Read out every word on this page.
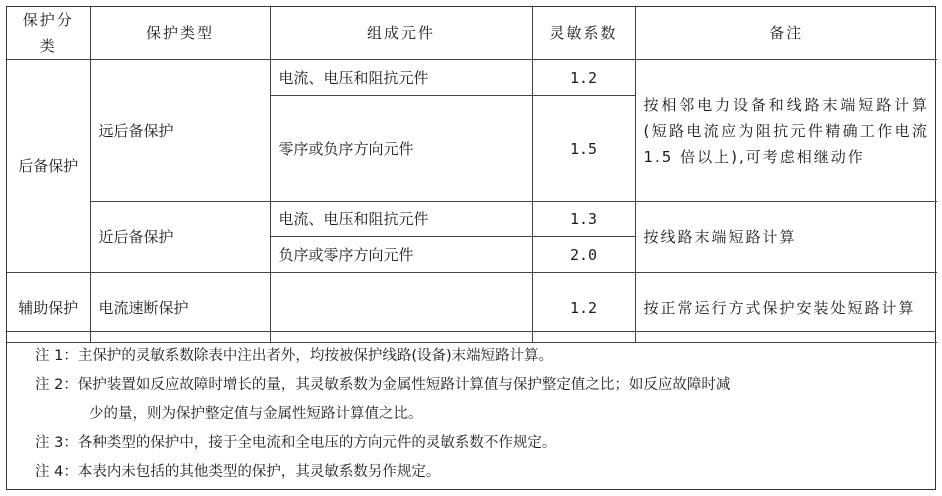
保护分类	保护类型	组成元件	灵敏系数	备注
后备保护	远后备保护	电流、电压和阻抗元件	1.2	按相邻电力设备和线路末端短路计算(短路电流应为阻抗元件精确工作电流 1.5 倍以上),可考虑相继动作
		零序或负序方向元件	1.5	
	近后备保护	电流、电压和阻抗元件	1.3	按线路末端短路计算
		负序或零序方向元件	2.0	
辅助保护	电流速断保护		1.2	按正常运行方式保护安装处短路计算
注 1：主保护的灵敏系数除表中注出者外，均按被保护线路(设备)末端短路计算。
注 2：保护装置如反应故障时增长的量，其灵敏系数为金属性短路计算值与保护整定值之比；如反应故障时减
少的量，则为保护整定值与金属性短路计算值之比。
注 3：各种类型的保护中，接于全电流和全电压的方向元件的灵敏系数不作规定。
注 4：本表内未包括的其他类型的保护，其灵敏系数另作规定。
